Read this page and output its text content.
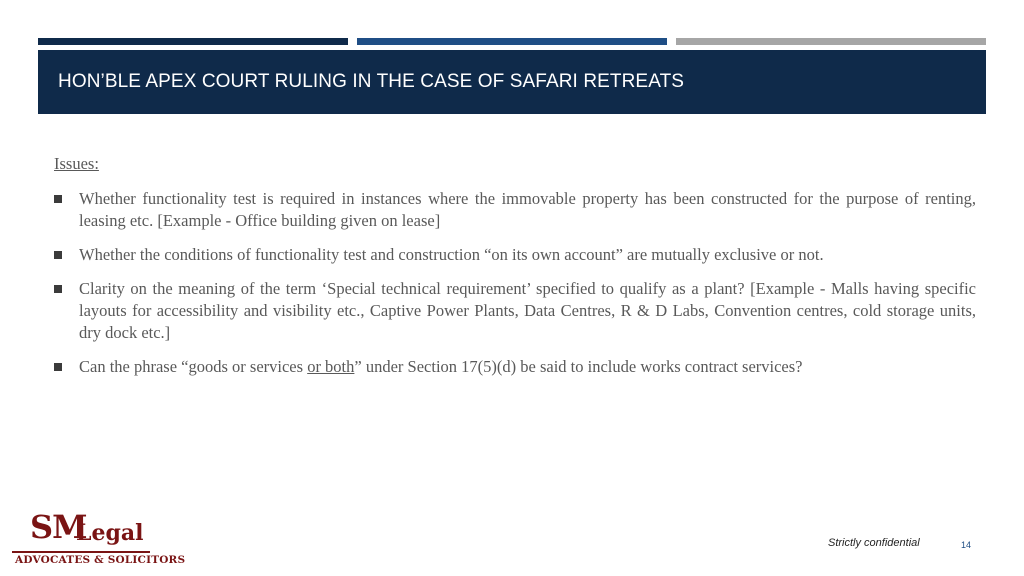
HON’BLE APEX COURT RULING IN THE CASE OF SAFARI RETREATS
Issues:
Whether functionality test is required in instances where the immovable property has been constructed for the purpose of renting, leasing etc. [Example - Office building given on lease]
Whether the conditions of functionality test and construction “on its own account” are mutually exclusive or not.
Clarity on the meaning of the term ‘Special technical requirement’ specified to qualify as a plant? [Example - Malls having specific layouts for accessibility and visibility etc., Captive Power Plants, Data Centres, R & D Labs, Convention centres, cold storage units, dry dock etc.]
Can the phrase “goods or services or both” under Section 17(5)(d) be said to include works contract services?
SM
Legal
ADVOCATES & SOLICITORS
Strictly confidential	14
